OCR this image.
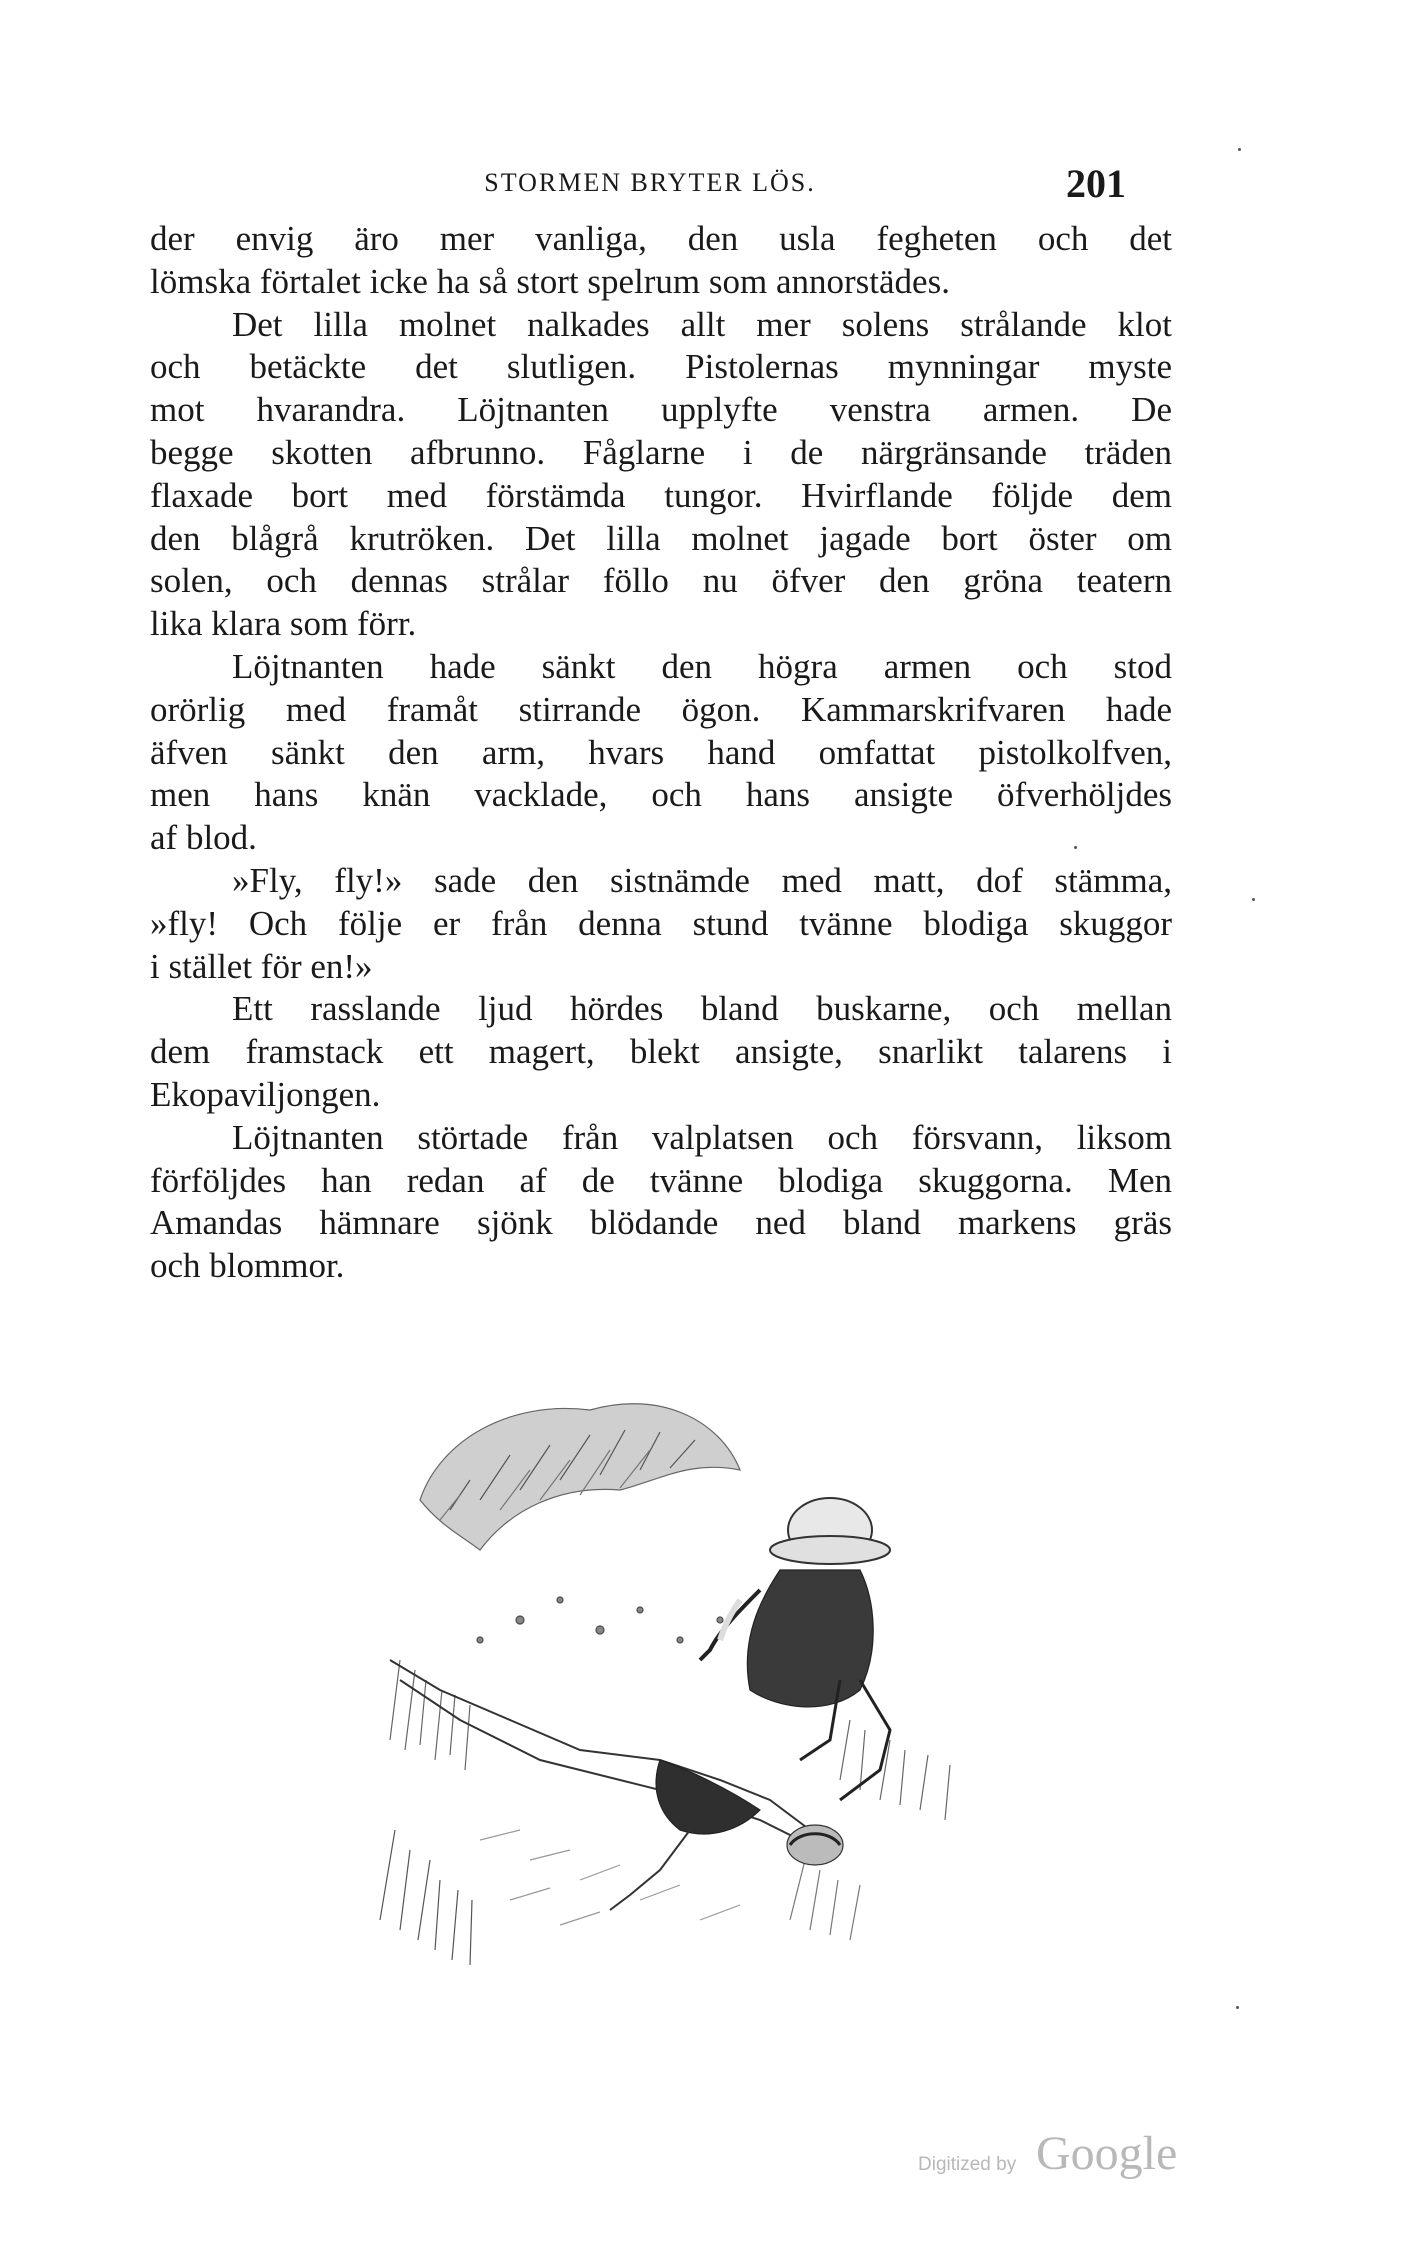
STORMEN BRYTER LÖS.	201
der envig äro mer vanliga, den usla fegheten och det
lömska förtalet icke ha så stort spelrum som annorstädes.
Det lilla molnet nalkades allt mer solens strålande klot
och betäckte det slutligen. Pistolernas mynningar myste
mot hvarandra. Löjtnanten upplyfte venstra armen. De
begge skotten afbrunno. Fåglarne i de närgränsande träden
flaxade bort med förstämda tungor. Hvirflande följde dem
den blågrå krutröken. Det lilla molnet jagade bort öster om
solen, och dennas strålar föllo nu öfver den gröna teatern
lika klara som förr.
Löjtnanten hade sänkt den högra armen och stod
orörlig med framåt stirrande ögon. Kammarskrifvaren hade
äfven sänkt den arm, hvars hand omfattat pistolkolfven,
men hans knän vacklade, och hans ansigte öfverhöljdes
af blod.
»Fly, fly!» sade den sistnämde med matt, dof stämma,
»fly! Och följe er från denna stund tvänne blodiga skuggor
i stället för en!»
Ett rasslande ljud hördes bland buskarne, och mellan
dem framstack ett magert, blekt ansigte, snarlikt talarens i
Ekopaviljongen.
Löjtnanten störtade från valplatsen och försvann, liksom
förföljdes han redan af de tvänne blodiga skuggorna. Men
Amandas hämnare sjönk blödande ned bland markens gräs
och blommor.
Digitized by Google
